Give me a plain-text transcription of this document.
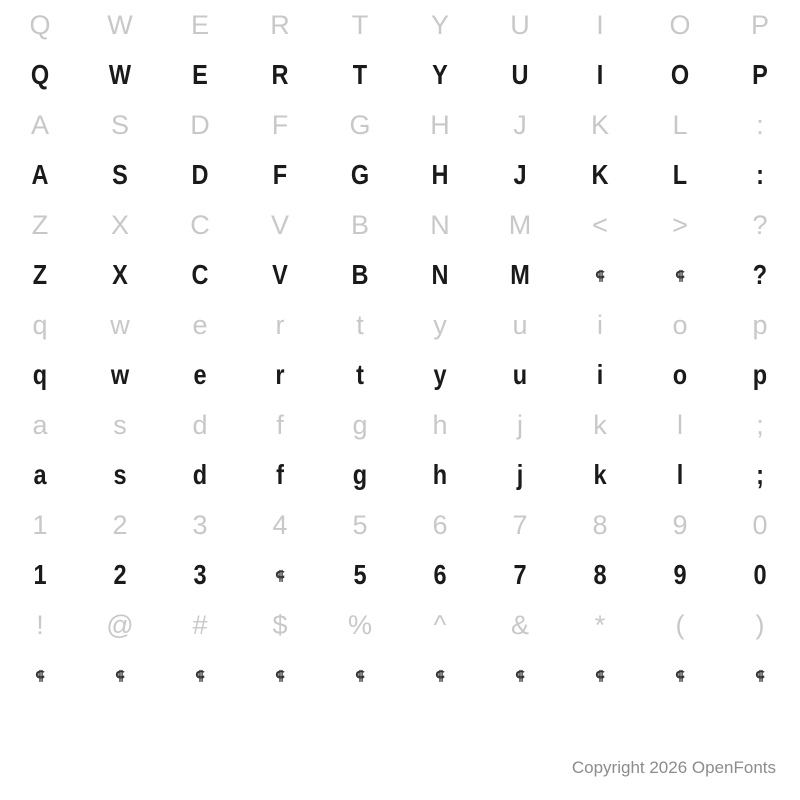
Q	W	E	R	T	Y	U	I	O	P
Q	W	E	R	T	Y	U	I	O	P
A	S	D	F	G	H	J	K	L	:
A	S	D	F	G	H	J	K	L	:
Z	X	C	V	B	N	M	<	>	?
Z	X	C	V	B	N	M	⸿	⸿	?
q	w	e	r	t	y	u	i	o	p
q	w	e	r	t	y	u	i	o	p
a	s	d	f	g	h	j	k	l	;
a	s	d	f	g	h	j	k	l	;
1	2	3	4	5	6	7	8	9	0
1	2	3	⸿	5	6	7	8	9	0
!	@	#	$	%	^	&	*	(	)
⸿	⸿	⸿	⸿	⸿	⸿	⸿	⸿	⸿	⸿
Copyright 2026 OpenFonts
